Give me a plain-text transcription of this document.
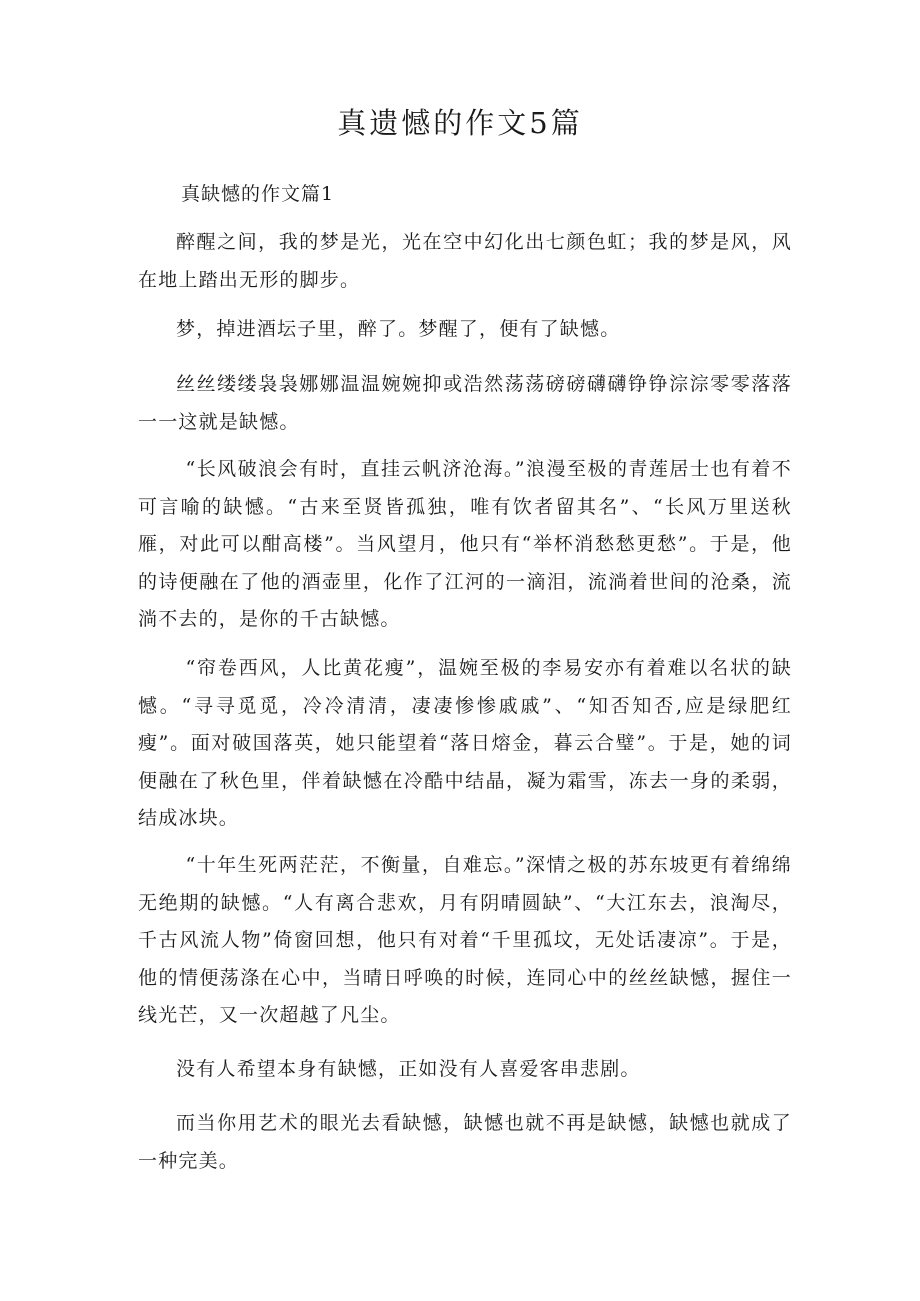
真遗憾的作文5篇

真缺憾的作文篇1

醉醒之间，我的梦是光，光在空中幻化出七颜色虹；我的梦是风，风在地上踏出无形的脚步。

梦，掉进酒坛子里，醉了。梦醒了，便有了缺憾。

丝丝缕缕袅袅娜娜温温婉婉抑或浩然荡荡磅磅礴礴铮铮淙淙零零落落一一这就是缺憾。

“长风破浪会有时，直挂云帆济沧海。”浪漫至极的青莲居士也有着不可言喻的缺憾。“古来至贤皆孤独，唯有饮者留其名”、“长风万里送秋雁，对此可以酣高楼”。当风望月，他只有“举杯消愁愁更愁”。于是，他的诗便融在了他的酒壶里，化作了江河的一滴泪，流淌着世间的沧桑，流淌不去的，是你的千古缺憾。

“帘卷西风，人比黄花瘦”，温婉至极的李易安亦有着难以名状的缺憾。“寻寻觅觅，冷冷清清，凄凄惨惨戚戚”、“知否知否,应是绿肥红瘦”。面对破国落英，她只能望着“落日熔金，暮云合璧”。于是，她的词便融在了秋色里，伴着缺憾在冷酷中结晶，凝为霜雪，冻去一身的柔弱，结成冰块。

“十年生死两茫茫，不衡量，自难忘。”深情之极的苏东坡更有着绵绵无绝期的缺憾。“人有离合悲欢，月有阴晴圆缺”、“大江东去，浪淘尽，千古风流人物”倚窗回想，他只有对着“千里孤坟，无处话凄凉”。于是，他的情便荡涤在心中，当晴日呼唤的时候，连同心中的丝丝缺憾，握住一线光芒，又一次超越了凡尘。

没有人希望本身有缺憾，正如没有人喜爱客串悲剧。

而当你用艺术的眼光去看缺憾，缺憾也就不再是缺憾，缺憾也就成了一种完美。
